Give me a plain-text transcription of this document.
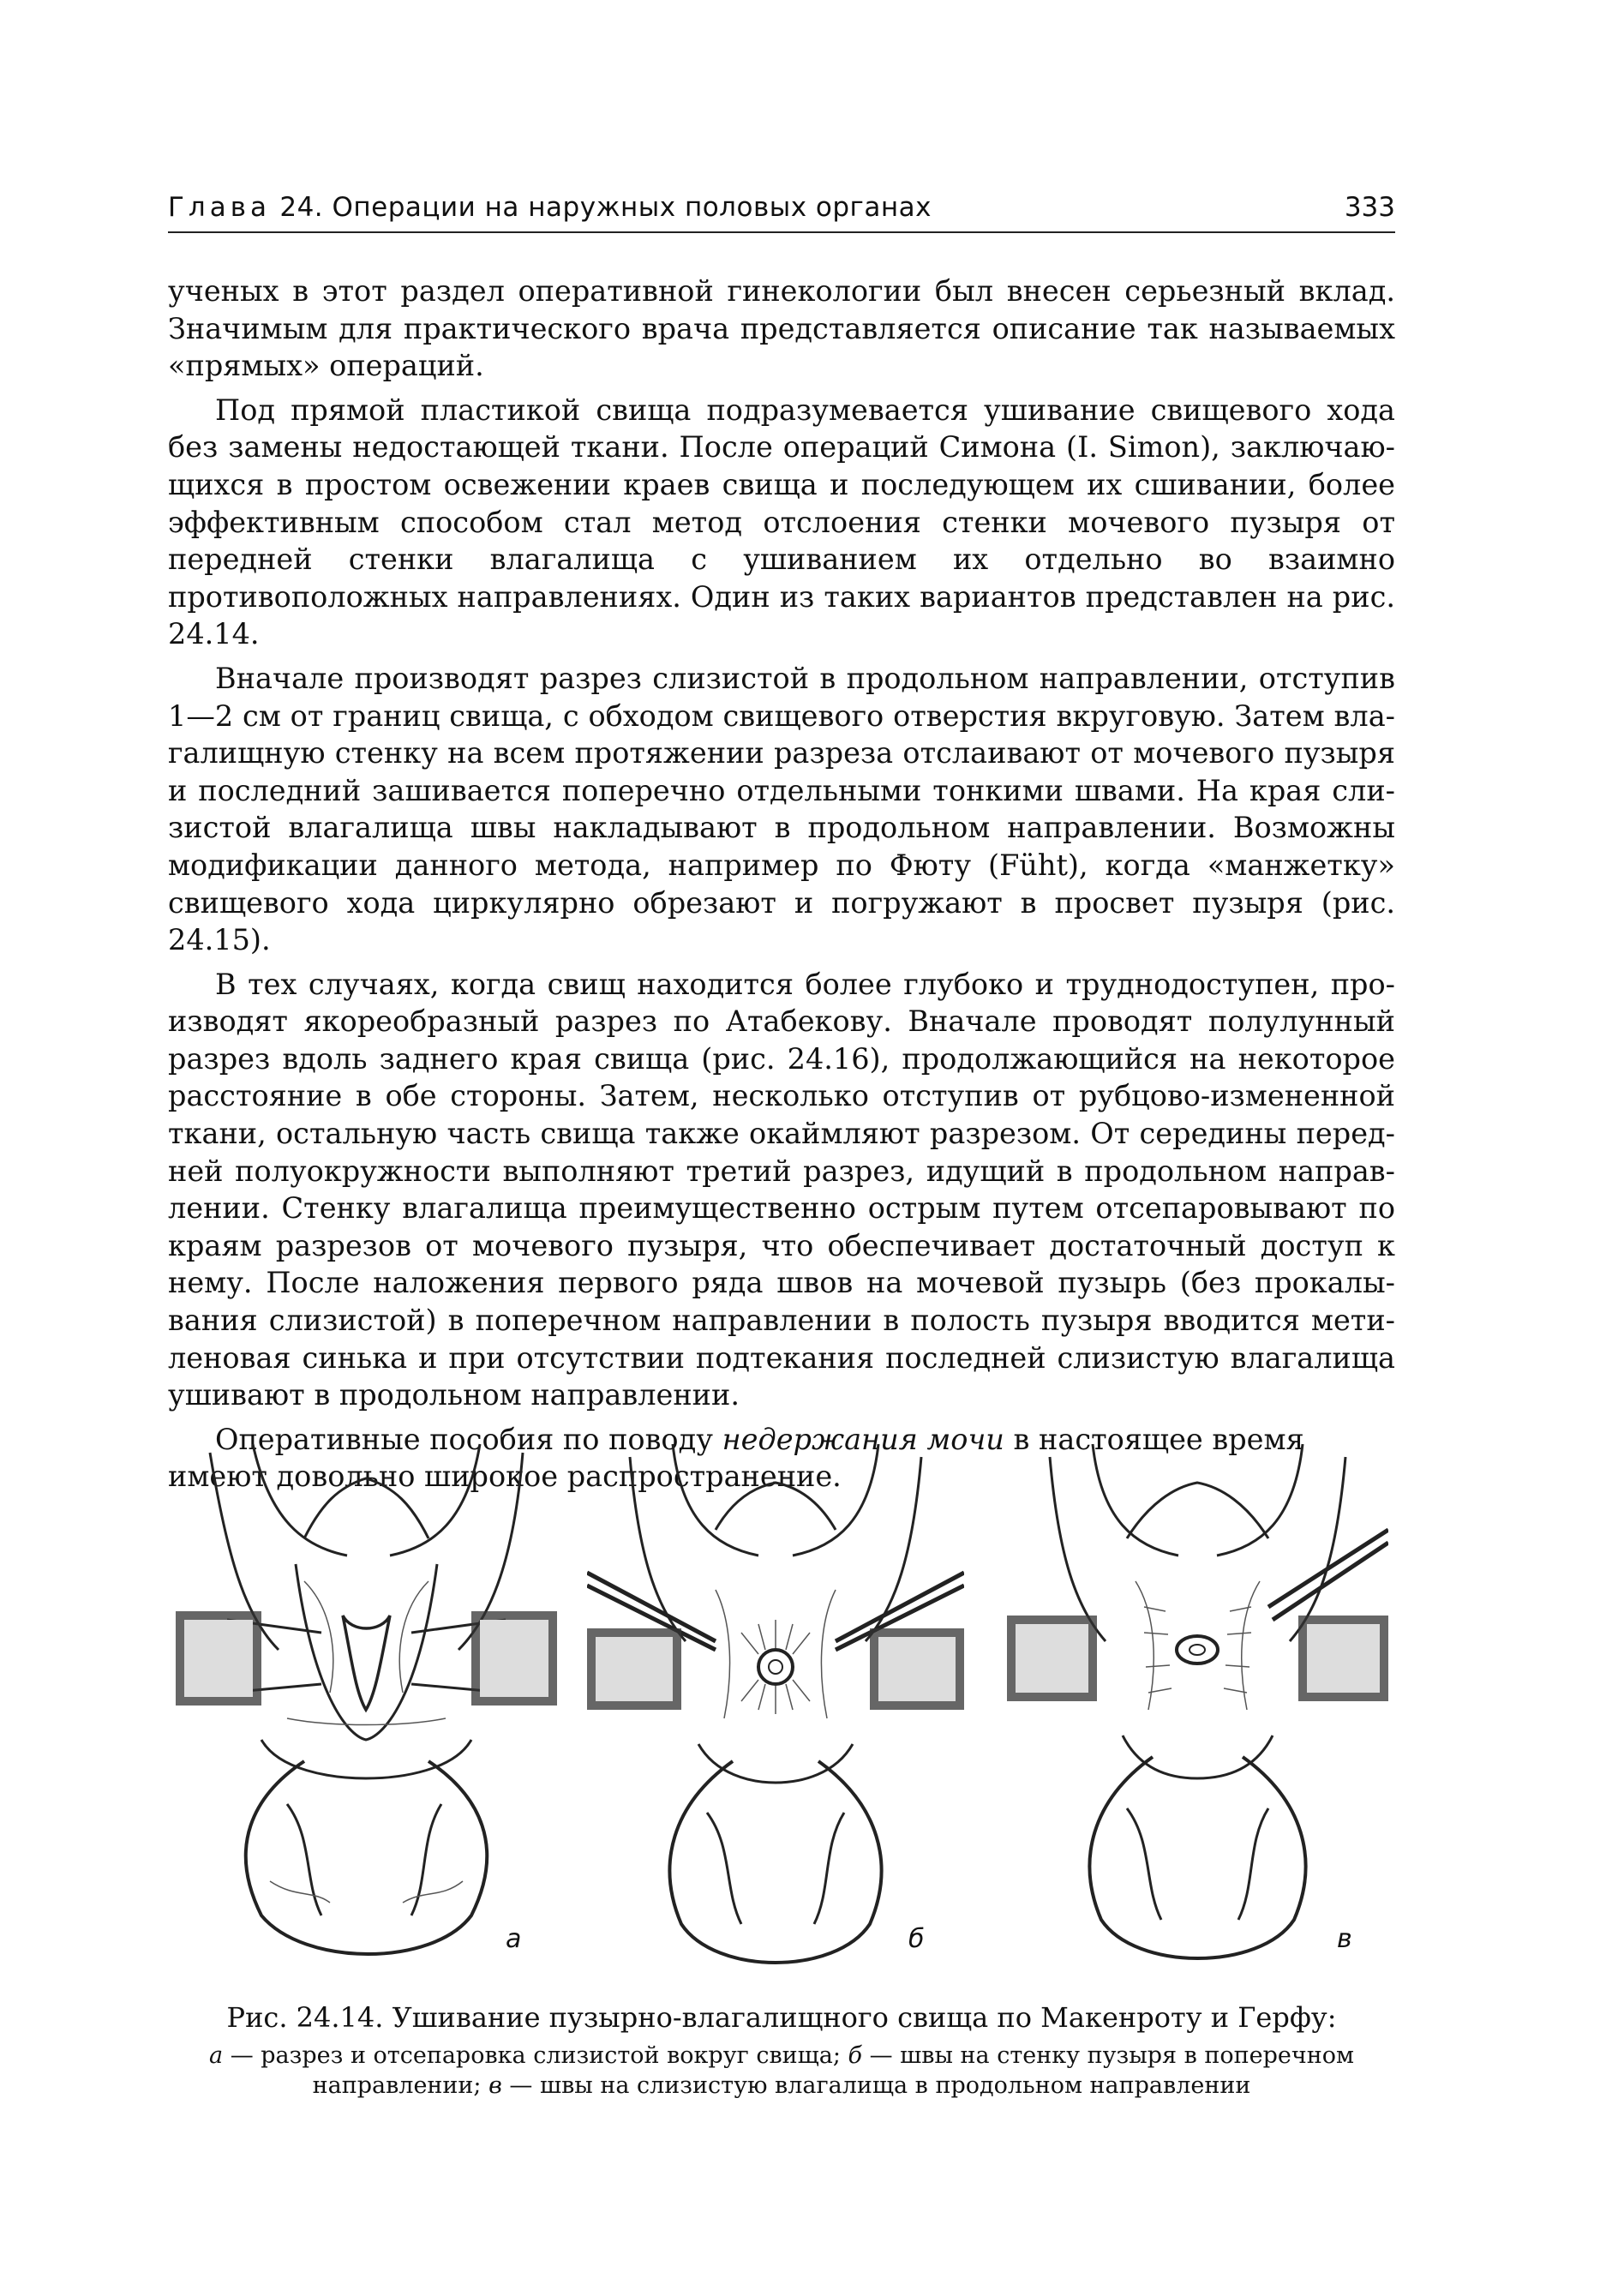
Глава 24. Операции на наружных половых органах	333

ученых в этот раздел оперативной гинекологии был внесен серьезный вклад. Значимым для практического врача представляется описание так называемых «прямых» операций.

Под прямой пластикой свища подразумевается ушивание свищевого хода без замены недостающей ткани. После операций Симона (I. Simon), заключающихся в простом освежении краев свища и последующем их сшивании, более эффективным способом стал метод отслоения стенки мочевого пузыря от передней стенки влагалища с ушиванием их отдельно во взаимно противоположных направлениях. Один из таких вариантов представлен на рис. 24.14.

Вначале производят разрез слизистой в продольном направлении, отступив 1—2 см от границ свища, с обходом свищевого отверстия вкруговую. Затем влагалищную стенку на всем протяжении разреза отслаивают от мочевого пузыря и последний зашивается поперечно отдельными тонкими швами. На края слизистой влагалища швы накладывают в продольном направлении. Возможны модификации данного метода, например по Фюту (Füht), когда «манжетку» свищевого хода циркулярно обрезают и погружают в просвет пузыря (рис. 24.15).

В тех случаях, когда свищ находится более глубоко и труднодоступен, производят якореобразный разрез по Атабекову. Вначале проводят полулунный разрез вдоль заднего края свища (рис. 24.16), продолжающийся на некоторое расстояние в обе стороны. Затем, несколько отступив от рубцово-измененной ткани, остальную часть свища также окаймляют разрезом. От середины передней полуокружности выполняют третий разрез, идущий в продольном направлении. Стенку влагалища преимущественно острым путем отсепаровывают по краям разрезов от мочевого пузыря, что обеспечивает достаточный доступ к нему. После наложения первого ряда швов на мочевой пузырь (без прокалывания слизистой) в поперечном направлении в полость пузыря вводится метиленовая синька и при отсутствии подтекания последней слизистую влагалища ушивают в продольном направлении.

Оперативные пособия по поводу недержания мочи в настоящее время имеют довольно широкое распространение.

а	б	в
Рис. 24.14. Ушивание пузырно-влагалищного свища по Макенроту и Герфу:
а — разрез и отсепаровка слизистой вокруг свища; б — швы на стенку пузыря в поперечном направлении; в — швы на слизистую влагалища в продольном направлении
